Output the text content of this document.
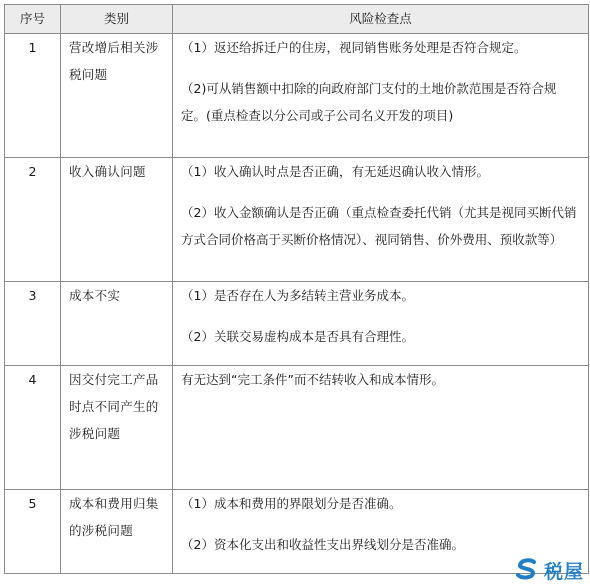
序号	类别	风险检查点
1	营改增后相关涉税问题	（1）返还给拆迁户的住房，视同销售账务处理是否符合规定。

（2)可从销售额中扣除的向政府部门支付的土地价款范围是否符合规定。(重点检查以分公司或子公司名义开发的项目)

2	收入确认问题	（1）收入确认时点是否正确，有无延迟确认收入情形。

（2）收入金额确认是否正确（重点检查委托代销（尤其是视同买断代销方式合同价格高于买断价格情况）、视同销售、价外费用、预收款等）

3	成本不实	（1）是否存在人为多结转主营业务成本。

（2）关联交易虚构成本是否具有合理性。

4	因交付完工产品时点不同产生的涉税问题	有无达到“完工条件”而不结转收入和成本情形。

5	成本和费用归集的涉税问题	（1）成本和费用的界限划分是否准确。

（2）资本化支出和收益性支出界线划分是否准确。

税屋
